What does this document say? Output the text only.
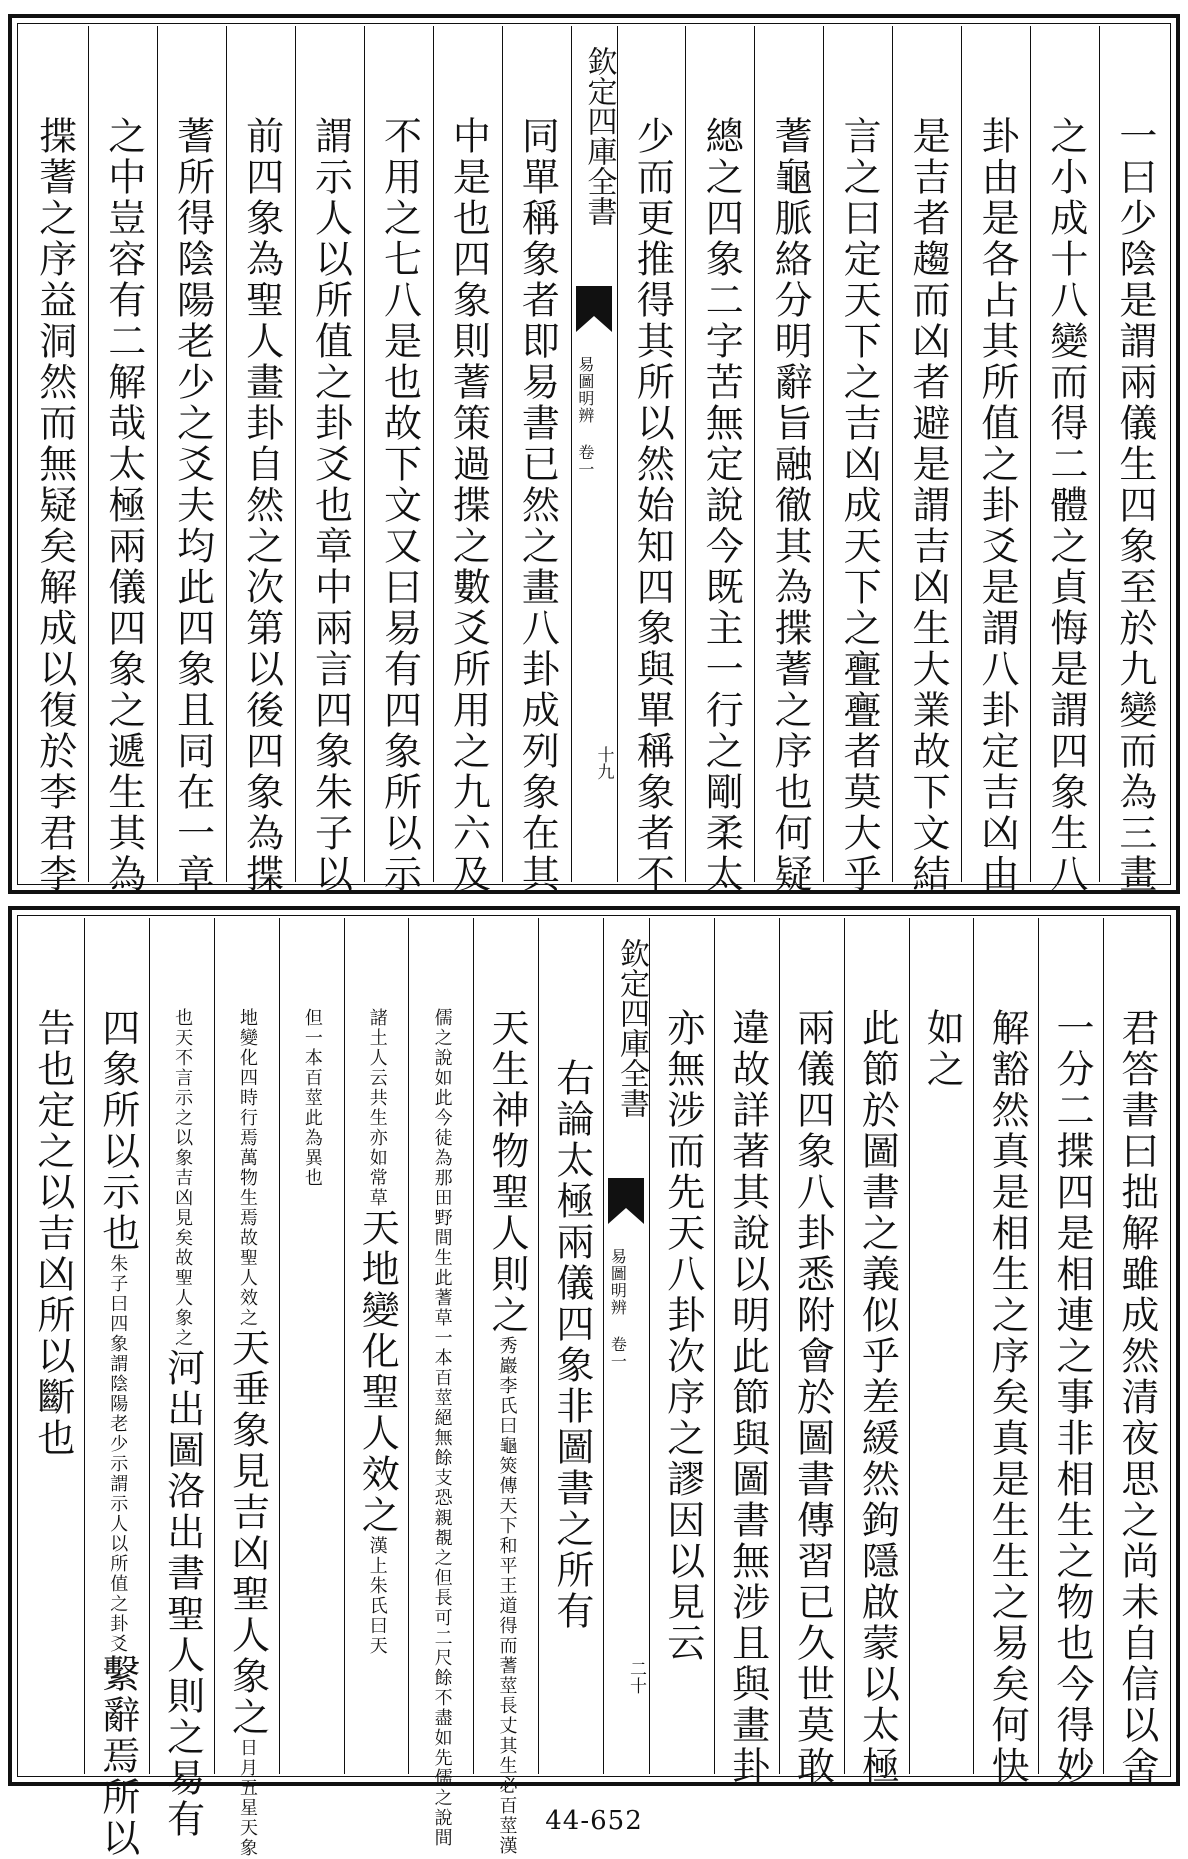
一曰少陰是謂兩儀生四象至於九變而為三畫
之小成十八變而得二體之貞悔是謂四象生八
卦由是各占其所值之卦爻是謂八卦定吉凶由
是吉者趨而凶者避是謂吉凶生大業故下文結
言之曰定天下之吉凶成天下之亹亹者莫大乎
蓍龜脈絡分明辭旨融徹其為揲蓍之序也何疑
總之四象二字苦無定說今既主一行之剛柔太
少而更推得其所以然始知四象與單稱象者不
欽定四庫全書
易圖明辨 卷一
十九
同單稱象者即易書已然之畫八卦成列象在其
中是也四象則蓍策過揲之數爻所用之九六及
不用之七八是也故下文又曰易有四象所以示
謂示人以所值之卦爻也章中兩言四象朱子以
前四象為聖人畫卦自然之次第以後四象為揲
蓍所得陰陽老少之爻夫均此四象且同在一章
之中豈容有二解哉太極兩儀四象之遞生其為
揲蓍之序益洞然而無疑矣解成以復於李君李
君答書曰拙解雖成然清夜思之尚未自信以舍
一分二揲四是相連之事非相生之物也今得妙
解豁然真是相生之序矣真是生生之易矣何快
如之
此節於圖書之義似乎差緩然鉤隱啟蒙以太極
兩儀四象八卦悉附會於圖書傳習已久世莫敢
違故詳著其說以明此節與圖書無涉且與畫卦
亦無涉而先天八卦次序之謬因以見云
欽定四庫全書
易圖明辨 卷一
二十
右論太極兩儀四象非圖書之所有
天生神物聖人則之
秀巖李氏曰龜筴傳天下和平王道得而蓍莖長丈其生必百莖漢
儒之說如此今徒為那田野間生此蓍草一本百莖絕無餘支恐親覩之但長可二尺餘不盡如先儒之說間
諸土人云共生亦如常草
天地變化聖人效之
漢上朱氏曰天
但一本百莖此為異也
地變化四時行焉萬物生焉故聖人效之
天垂象見吉凶聖人象之
日月五星天象
也天不言示之以象吉凶見矣故聖人象之
河出圖洛出書聖人則之易有
四象所以示也
朱子曰四象謂陰陽老少示謂示人以所值之卦爻
繫辭焉所以
告也定之以吉凶所以斷也
44-652
